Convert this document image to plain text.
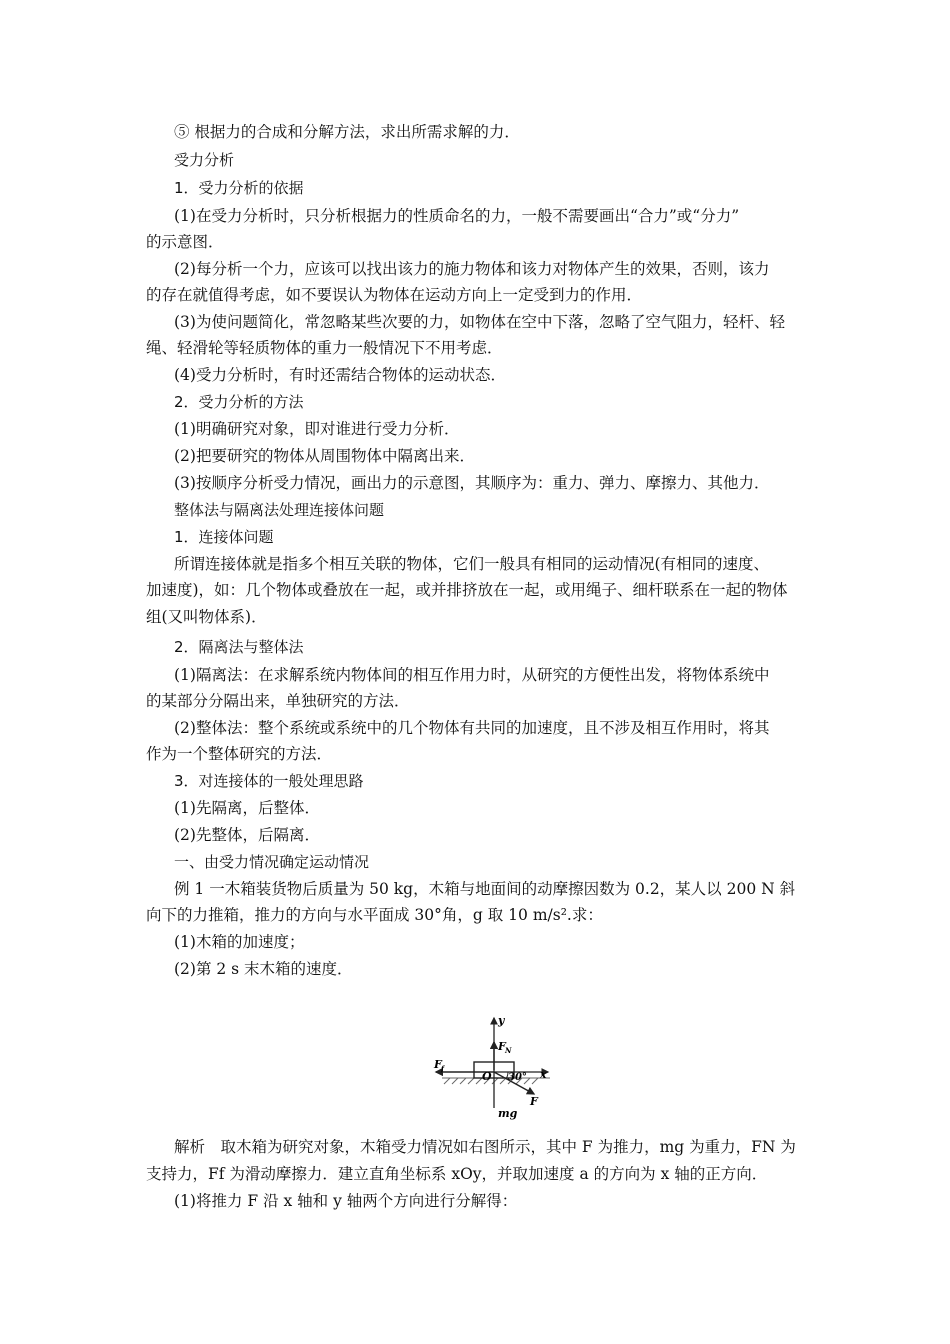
⑤ 根据力的合成和分解方法，求出所需求解的力．
受力分析
1．受力分析的依据
(1)在受力分析时，只分析根据力的性质命名的力，一般不需要画出“合力”或“分力”
的示意图．
(2)每分析一个力，应该可以找出该力的施力物体和该力对物体产生的效果，否则，该力
的存在就值得考虑，如不要误认为物体在运动方向上一定受到力的作用．
(3)为使问题简化，常忽略某些次要的力，如物体在空中下落，忽略了空气阻力，轻杆、轻
绳、轻滑轮等轻质物体的重力一般情况下不用考虑．
(4)受力分析时，有时还需结合物体的运动状态．
2．受力分析的方法
(1)明确研究对象，即对谁进行受力分析．
(2)把要研究的物体从周围物体中隔离出来．
(3)按顺序分析受力情况，画出力的示意图，其顺序为：重力、弹力、摩擦力、其他力．
整体法与隔离法处理连接体问题
1．连接体问题
所谓连接体就是指多个相互关联的物体，它们一般具有相同的运动情况(有相同的速度、
加速度)，如：几个物体或叠放在一起，或并排挤放在一起，或用绳子、细杆联系在一起的物体
组(又叫物体系)．
2．隔离法与整体法
(1)隔离法：在求解系统内物体间的相互作用力时，从研究的方便性出发，将物体系统中
的某部分分隔出来，单独研究的方法．
(2)整体法：整个系统或系统中的几个物体有共同的加速度，且不涉及相互作用时，将其
作为一个整体研究的方法．
3．对连接体的一般处理思路
(1)先隔离，后整体．
(2)先整体，后隔离．
一、由受力情况确定运动情况
例 1 一木箱装货物后质量为 50 kg，木箱与地面间的动摩擦因数为 0.2，某人以 200 N 斜
向下的力推箱，推力的方向与水平面成 30°角，g 取 10 m/s².求：
(1)木箱的加速度；
(2)第 2 s 末木箱的速度．
y
F N
F f
O 30° x
F
mg
解析　取木箱为研究对象，木箱受力情况如右图所示，其中 F 为推力，mg 为重力，FN 为
支持力，Ff 为滑动摩擦力．建立直角坐标系 xOy，并取加速度 a 的方向为 x 轴的正方向．
(1)将推力 F 沿 x 轴和 y 轴两个方向进行分解得：
